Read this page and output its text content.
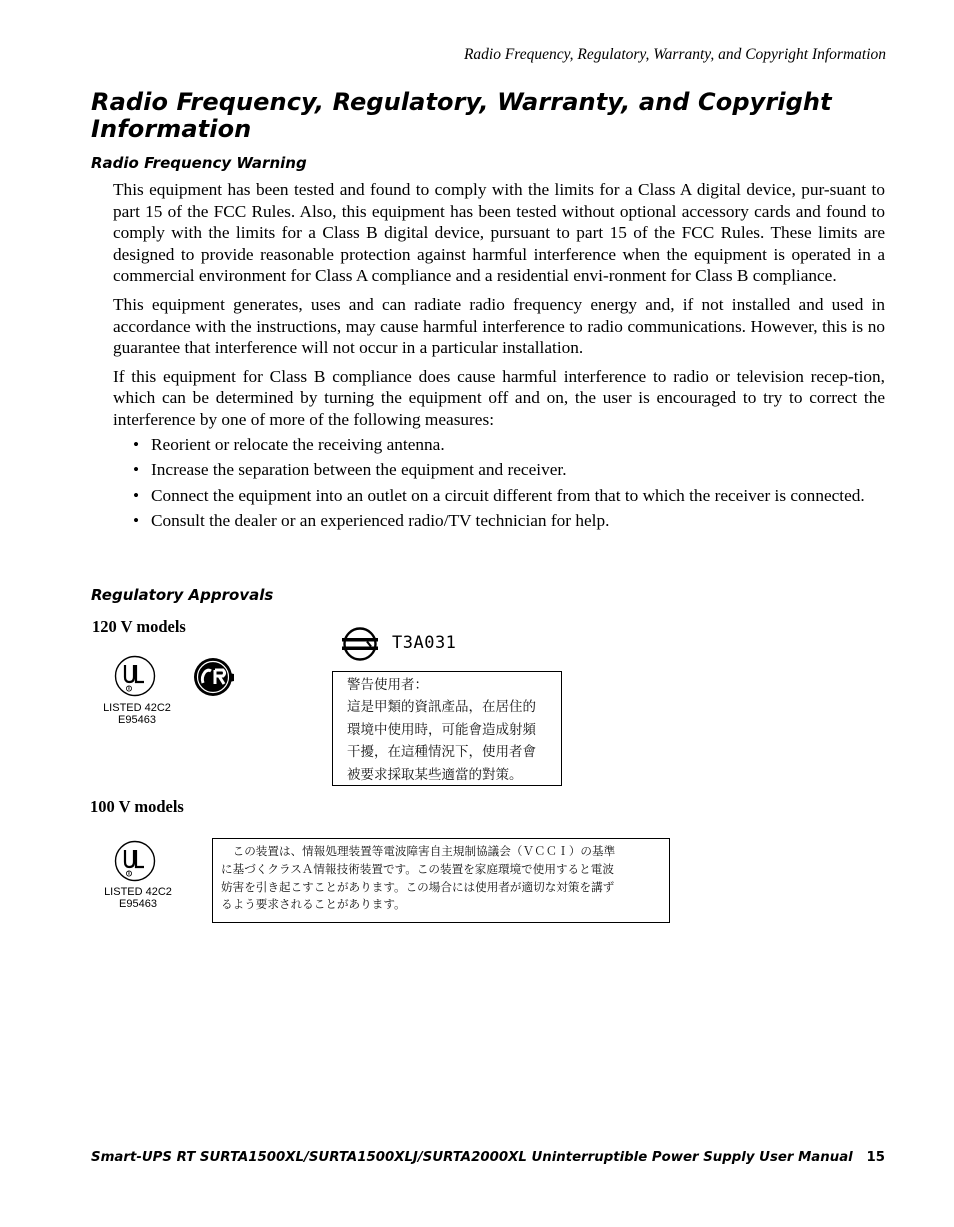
Radio Frequency, Regulatory, Warranty, and Copyright Information
Radio Frequency, Regulatory, Warranty, and Copyright Information
Radio Frequency Warning

This equipment has been tested and found to comply with the limits for a Class A digital device, pur-suant to part 15 of the FCC Rules. Also, this equipment has been tested without optional accessory cards and found to comply with the limits for a Class B digital device, pursuant to part 15 of the FCC Rules. These limits are designed to provide reasonable protection against harmful interference when the equipment is operated in a commercial environment for Class A compliance and a residential envi-ronment for Class B compliance.

This equipment generates, uses and can radiate radio frequency energy and, if not installed and used in accordance with the instructions, may cause harmful interference to radio communications. However, this is no guarantee that interference will not occur in a particular installation.

If this equipment for Class B compliance does cause harmful interference to radio or television recep-tion, which can be determined by turning the equipment off and on, the user is encouraged to try to correct the interference by one of more of the following measures:

• Reorient or relocate the receiving antenna.
• Increase the separation between the equipment and receiver.
• Connect the equipment into an outlet on a circuit different from that to which the receiver is connected.
• Consult the dealer or an experienced radio/TV technician for help.
Regulatory Approvals
120 V models
R
LISTED 42C2
E95463
T3A031
警告使用者：
這是甲類的資訊產品，在居住的
環境中使用時，可能會造成射頻
干擾，在這種情況下，使用者會
被要求採取某些適當的對策。
100 V models
R
LISTED 42C2
E95463
　この装置は、情報処理装置等電波障害自主規制協議会（ＶＣＣＩ）の基準
に基づくクラスＡ情報技術装置です。この装置を家庭環境で使用すると電波
妨害を引き起こすことがあります。この場合には使用者が適切な対策を講ず
るよう要求されることがあります。
Smart-UPS RT SURTA1500XL/SURTA1500XLJ/SURTA2000XL Uninterruptible Power Supply User Manual 15
